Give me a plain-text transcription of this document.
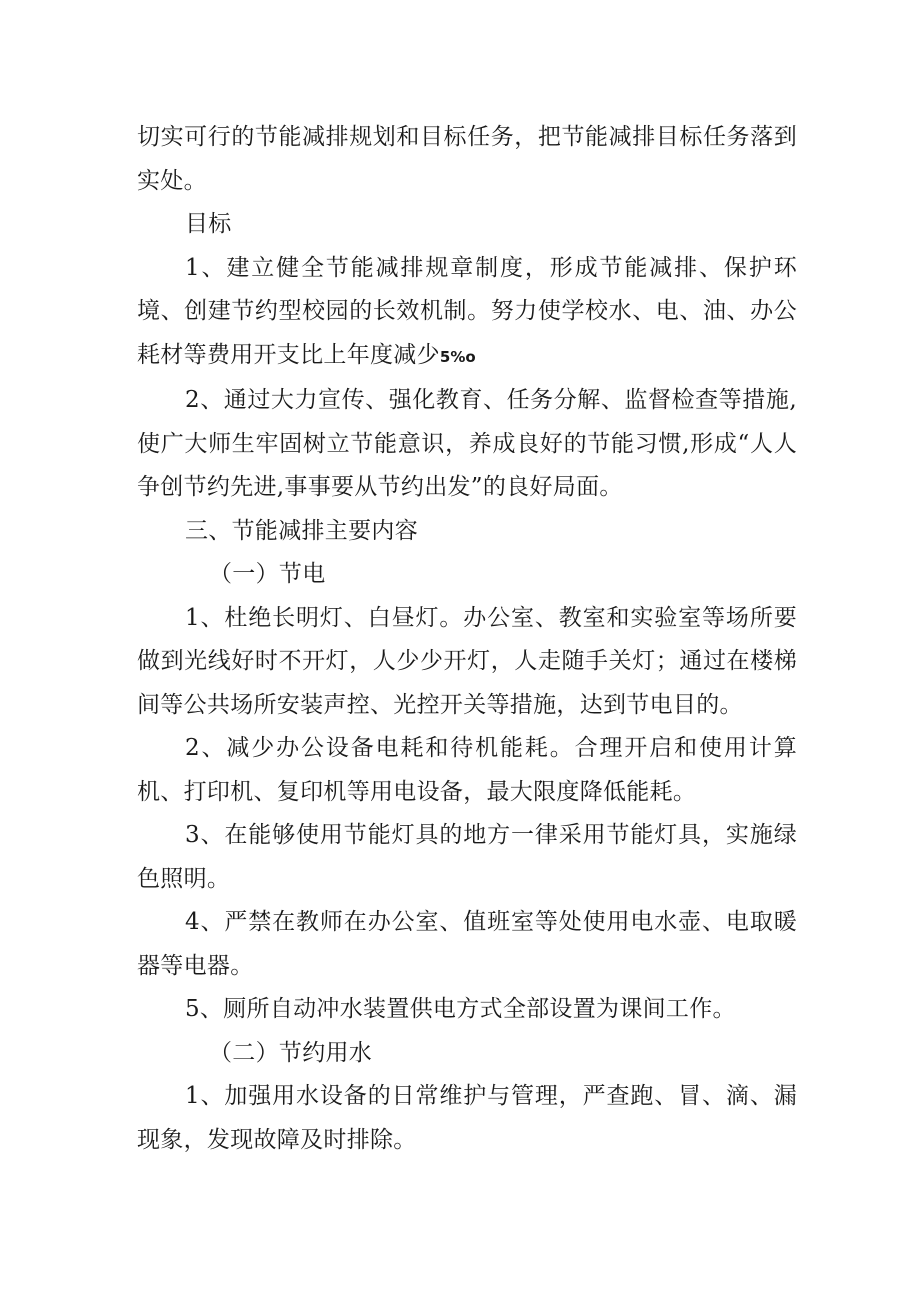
切实可行的节能减排规划和目标任务，把节能减排目标任务落到实处。

目标

1、建立健全节能减排规章制度，形成节能减排、保护环境、创建节约型校园的长效机制。努力使学校水、电、油、办公耗材等费用开支比上年度减少5%o

2、通过大力宣传、强化教育、任务分解、监督检查等措施,使广大师生牢固树立节能意识，养成良好的节能习惯,形成“人人争创节约先进,事事要从节约出发”的良好局面。

三、节能减排主要内容

（一）节电

1、杜绝长明灯、白昼灯。办公室、教室和实验室等场所要做到光线好时不开灯，人少少开灯，人走随手关灯；通过在楼梯间等公共场所安装声控、光控开关等措施，达到节电目的。

2、减少办公设备电耗和待机能耗。合理开启和使用计算机、打印机、复印机等用电设备，最大限度降低能耗。

3、在能够使用节能灯具的地方一律采用节能灯具，实施绿色照明。

4、严禁在教师在办公室、值班室等处使用电水壶、电取暖器等电器。

5、厕所自动冲水装置供电方式全部设置为课间工作。

（二）节约用水

1、加强用水设备的日常维护与管理，严查跑、冒、滴、漏现象，发现故障及时排除。
